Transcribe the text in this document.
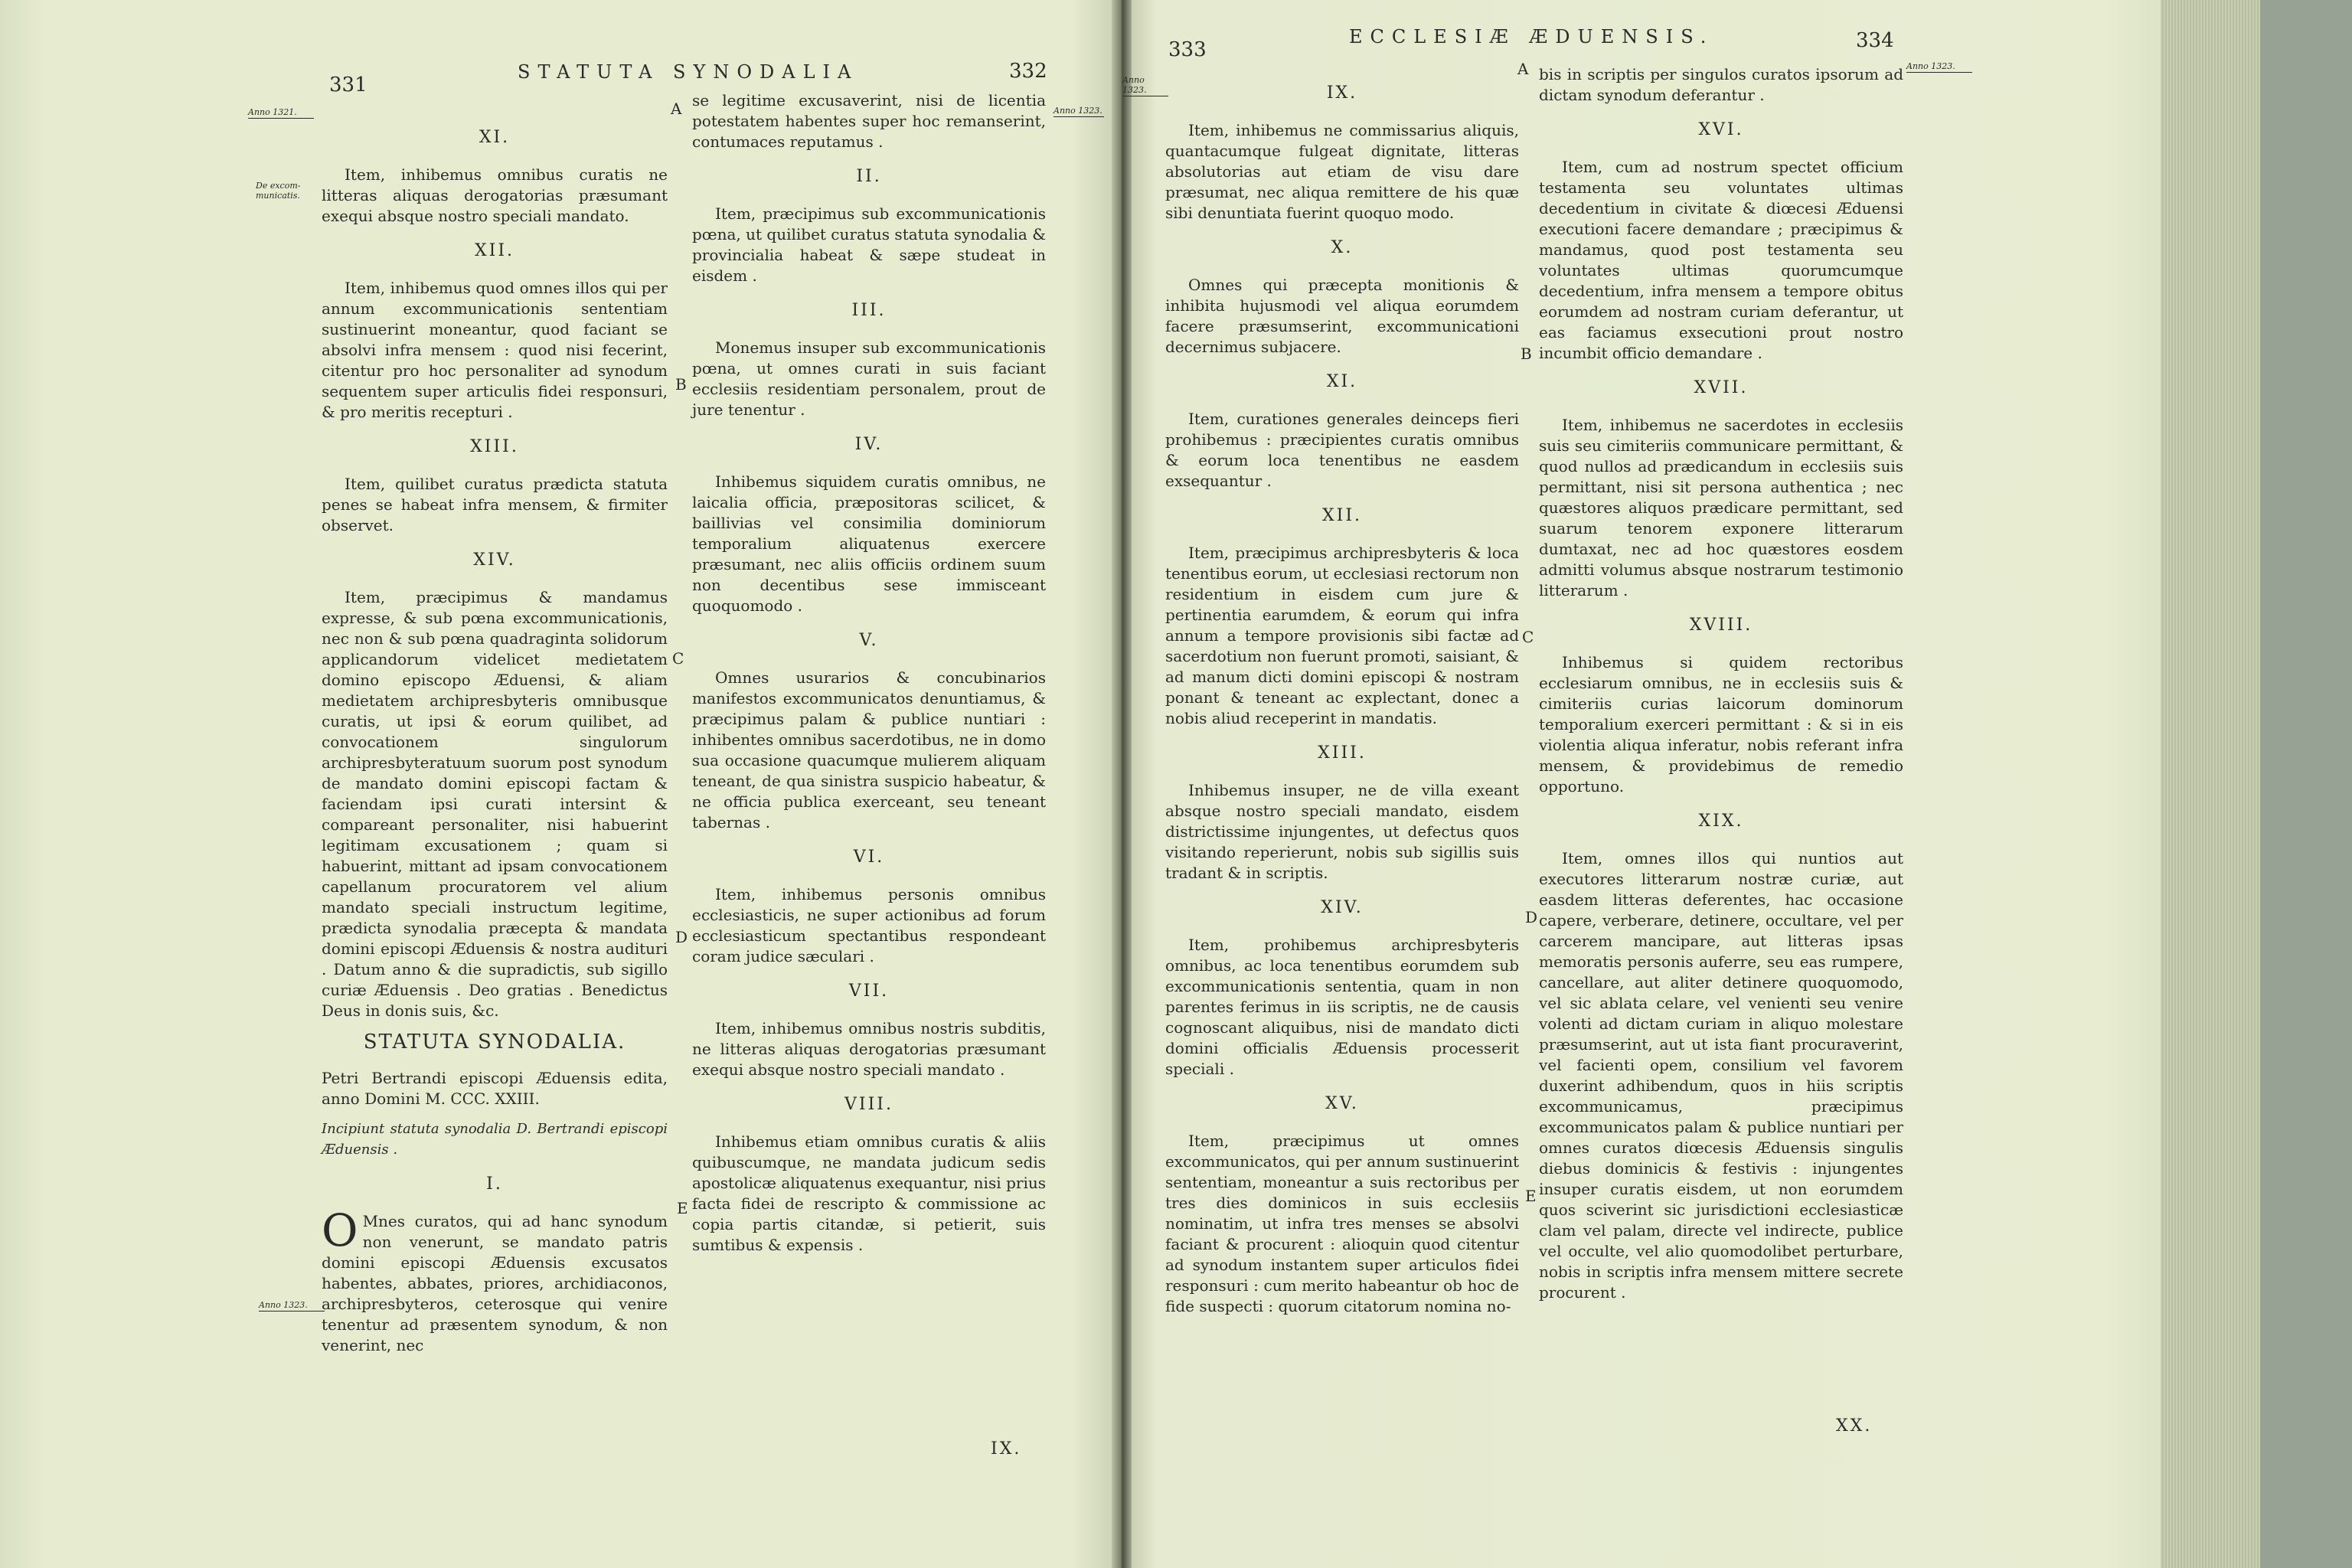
331
STATUTA SYNODALIA	332
Anno 1321.
De excom-
municatis.
Anno 1323.
Anno 1323.
A
B
C
D
E
XI.

Item, inhibemus omnibus curatis ne litteras aliquas derogatorias præsumant exequi absque nostro speciali mandato.

XII.

Item, inhibemus quod omnes illos qui per annum excommunicationis sententiam sustinuerint moneantur, quod faciant se absolvi infra mensem : quod nisi fecerint, citentur pro hoc personaliter ad synodum sequentem super articulis fidei responsuri, & pro meritis recepturi .

XIII.

Item, quilibet curatus prædicta statuta penes se habeat infra mensem, & firmiter observet.

XIV.

Item, præcipimus & mandamus expresse, & sub pœna excommunicationis, nec non & sub pœna quadraginta solidorum applicandorum videlicet medietatem domino episcopo Æduensi, & aliam medietatem archipresbyteris omnibusque curatis, ut ipsi & eorum quilibet, ad convocationem singulorum archipresbyteratuum suorum post synodum de mandato domini episcopi factam & faciendam ipsi curati intersint & compareant personaliter, nisi habuerint legitimam excusationem ; quam si habuerint, mittant ad ipsam convocationem capellanum procuratorem vel alium mandato speciali instructum legitime, prædicta synodalia præcepta & mandata domini episcopi Æduensis & nostra audituri . Datum anno & die supradictis, sub sigillo curiæ Æduensis . Deo gratias . Benedictus Deus in donis suis, &c.

STATUTA SYNODALIA.

Petri Bertrandi episcopi Æduensis edita, anno Domini M. CCC. XXIII.

Incipiunt statuta synodalia D. Bertrandi episcopi Æduensis .

I.

O Mnes curatos, qui ad hanc synodum non venerunt, se mandato patris domini episcopi Æduensis excusatos habentes, abbates, priores, archidiaconos, archipresbyteros, ceterosque qui venire tenentur ad præsentem synodum, & non venerint, nec

se legitime excusaverint, nisi de licentia potestatem habentes super hoc remanserint, contumaces reputamus .

II.

Item, præcipimus sub excommunicationis pœna, ut quilibet curatus statuta synodalia & provincialia habeat & sæpe studeat in eisdem .

III.

Monemus insuper sub excommunicationis pœna, ut omnes curati in suis faciant ecclesiis residentiam personalem, prout de jure tenentur .

IV.

Inhibemus siquidem curatis omnibus, ne laicalia officia, præpositoras scilicet, & baillivias vel consimilia dominiorum temporalium aliquatenus exercere præsumant, nec aliis officiis ordinem suum non decentibus sese immisceant quoquomodo .

V.

Omnes usurarios & concubinarios manifestos excommunicatos denuntiamus, & præcipimus palam & publice nuntiari : inhibentes omnibus sacerdotibus, ne in domo sua occasione quacumque mulierem aliquam teneant, de qua sinistra suspicio habeatur, & ne officia publica exerceant, seu teneant tabernas .

VI.

Item, inhibemus personis omnibus ecclesiasticis, ne super actionibus ad forum ecclesiasticum spectantibus respondeant coram judice sæculari .

VII.

Item, inhibemus omnibus nostris subditis, ne litteras aliquas derogatorias præsumant exequi absque nostro speciali mandato .

VIII.

Inhibemus etiam omnibus curatis & aliis quibuscumque, ne mandata judicum sedis apostolicæ aliquatenus exequantur, nisi prius facta fidei de rescripto & commissione ac copia partis citandæ, si petierit, suis sumtibus & expensis .

IX.
333
ECCLESIÆ ÆDUENSIS.	334
Anno 1323.
Anno 1323.
A
B
C
D
E
IX.

Item, inhibemus ne commissarius aliquis, quantacumque fulgeat dignitate, litteras absolutorias aut etiam de visu dare præsumat, nec aliqua remittere de his quæ sibi denuntiata fuerint quoquo modo.

X.

Omnes qui præcepta monitionis & inhibita hujusmodi vel aliqua eorumdem facere præsumserint, excommunicationi decernimus subjacere.

XI.

Item, curationes generales deinceps fieri prohibemus : præcipientes curatis omnibus & eorum loca tenentibus ne easdem exsequantur .

XII.

Item, præcipimus archipresbyteris & loca tenentibus eorum, ut ecclesiasi rectorum non residentium in eisdem cum jure & pertinentia earumdem, & eorum qui infra annum a tempore provisionis sibi factæ ad sacerdotium non fuerunt promoti, saisiant, & ad manum dicti domini episcopi & nostram ponant & teneant ac explectant, donec a nobis aliud receperint in mandatis.

XIII.

Inhibemus insuper, ne de villa exeant absque nostro speciali mandato, eisdem districtissime injungentes, ut defectus quos visitando reperierunt, nobis sub sigillis suis tradant & in scriptis.

XIV.

Item, prohibemus archipresbyteris omnibus, ac loca tenentibus eorumdem sub excommunicationis sententia, quam in non parentes ferimus in iis scriptis, ne de causis cognoscant aliquibus, nisi de mandato dicti domini officialis Æduensis processerit speciali .

XV.

Item, præcipimus ut omnes excommunicatos, qui per annum sustinuerint sententiam, moneantur a suis rectoribus per tres dies dominicos in suis ecclesiis nominatim, ut infra tres menses se absolvi faciant & procurent : alioquin quod citentur ad synodum instantem super articulos fidei responsuri : cum merito habeantur ob hoc de fide suspecti : quorum citatorum nomina no-

bis in scriptis per singulos curatos ipsorum ad dictam synodum deferantur .

XVI.

Item, cum ad nostrum spectet officium testamenta seu voluntates ultimas decedentium in civitate & diœcesi Æduensi executioni facere demandare ; præcipimus & mandamus, quod post testamenta seu voluntates ultimas quorumcumque decedentium, infra mensem a tempore obitus eorumdem ad nostram curiam deferantur, ut eas faciamus exsecutioni prout nostro incumbit officio demandare .

XVII.

Item, inhibemus ne sacerdotes in ecclesiis suis seu cimiteriis communicare permittant, & quod nullos ad prædicandum in ecclesiis suis permittant, nisi sit persona authentica ; nec quæstores aliquos prædicare permittant, sed suarum tenorem exponere litterarum dumtaxat, nec ad hoc quæstores eosdem admitti volumus absque nostrarum testimonio litterarum .

XVIII.

Inhibemus si quidem rectoribus ecclesiarum omnibus, ne in ecclesiis suis & cimiteriis curias laicorum dominorum temporalium exerceri permittant : & si in eis violentia aliqua inferatur, nobis referant infra mensem, & providebimus de remedio opportuno.

XIX.

Item, omnes illos qui nuntios aut executores litterarum nostræ curiæ, aut easdem litteras deferentes, hac occasione capere, verberare, detinere, occultare, vel per carcerem mancipare, aut litteras ipsas memoratis personis auferre, seu eas rumpere, cancellare, aut aliter detinere quoquomodo, vel sic ablata celare, vel venienti seu venire volenti ad dictam curiam in aliquo molestare præsumserint, aut ut ista fiant procuraverint, vel facienti opem, consilium vel favorem duxerint adhibendum, quos in hiis scriptis excommunicamus, præcipimus excommunicatos palam & publice nuntiari per omnes curatos diœcesis Æduensis singulis diebus dominicis & festivis : injungentes insuper curatis eisdem, ut non eorumdem quos sciverint sic jurisdictioni ecclesiasticæ clam vel palam, directe vel indirecte, publice vel occulte, vel alio quomodolibet perturbare, nobis in scriptis infra mensem mittere secrete procurent .

XX.
